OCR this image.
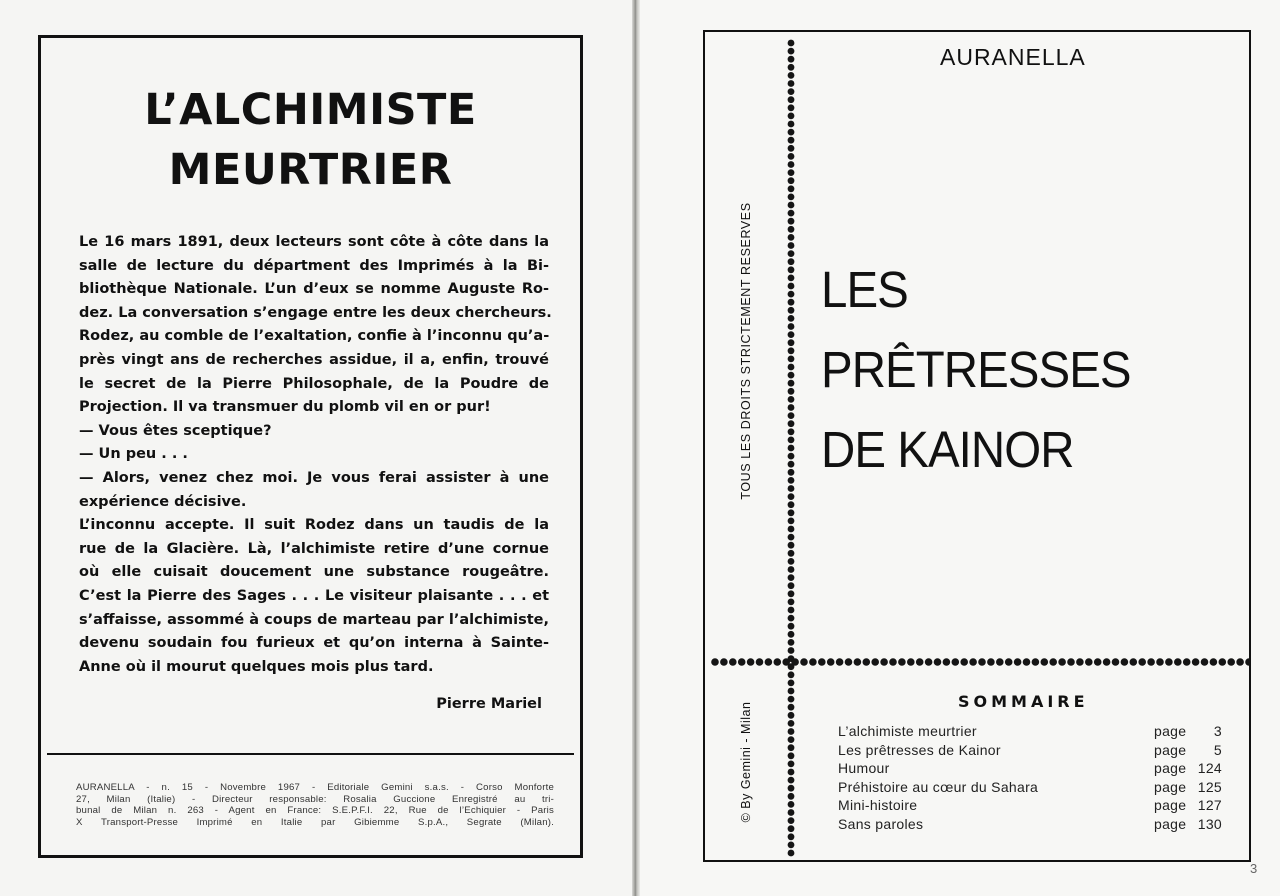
L’ALCHIMISTE
MEURTRIER
Le 16 mars 1891, deux lecteurs sont côte à côte dans la
salle de lecture du départment des Imprimés à la Bi-
bliothèque Nationale. L’un d’eux se nomme Auguste Ro-
dez. La conversation s’engage entre les deux chercheurs.
Rodez, au comble de l’exaltation, confie à l’inconnu qu’a-
près vingt ans de recherches assidue, il a, enfin, trouvé
le secret de la Pierre Philosophale, de la Poudre de
Projection. Il va transmuer du plomb vil en or pur!
— Vous êtes sceptique?
— Un peu . . .
— Alors, venez chez moi. Je vous ferai assister à une
expérience décisive.
L’inconnu accepte. Il suit Rodez dans un taudis de la
rue de la Glacière. Là, l’alchimiste retire d’une cornue
où elle cuisait doucement une substance rougeâtre.
C’est la Pierre des Sages . . . Le visiteur plaisante . . . et
s’affaisse, assommé à coups de marteau par l’alchimiste,
devenu soudain fou furieux et qu’on interna à Sainte-
Anne où il mourut quelques mois plus tard.
Pierre Mariel
AURANELLA - n. 15 - Novembre 1967 - Editoriale Gemini s.a.s. - Corso Monforte
27, Milan (Italie) - Directeur responsable: Rosalia Guccione Enregistré au tri-
bunal de Milan n. 263 - Agent en France: S.E.P.F.I. 22, Rue de l’Echiquier - Paris
X Transport-Presse Imprimé en Italie par Gibiemme S.p.A., Segrate (Milan).
AURANELLA
TOUS LES DROITS STRICTEMENT RESERVES
© By Gemini - Milan
LES
PRÊTRESSES
DE KAINOR
SOMMAIRE
L’alchimiste meurtrier	page 3
Les prêtresses de Kainor	page 5
Humour	page 124
Préhistoire au cœur du Sahara	page 125
Mini-histoire	page 127
Sans paroles	page 130
3
